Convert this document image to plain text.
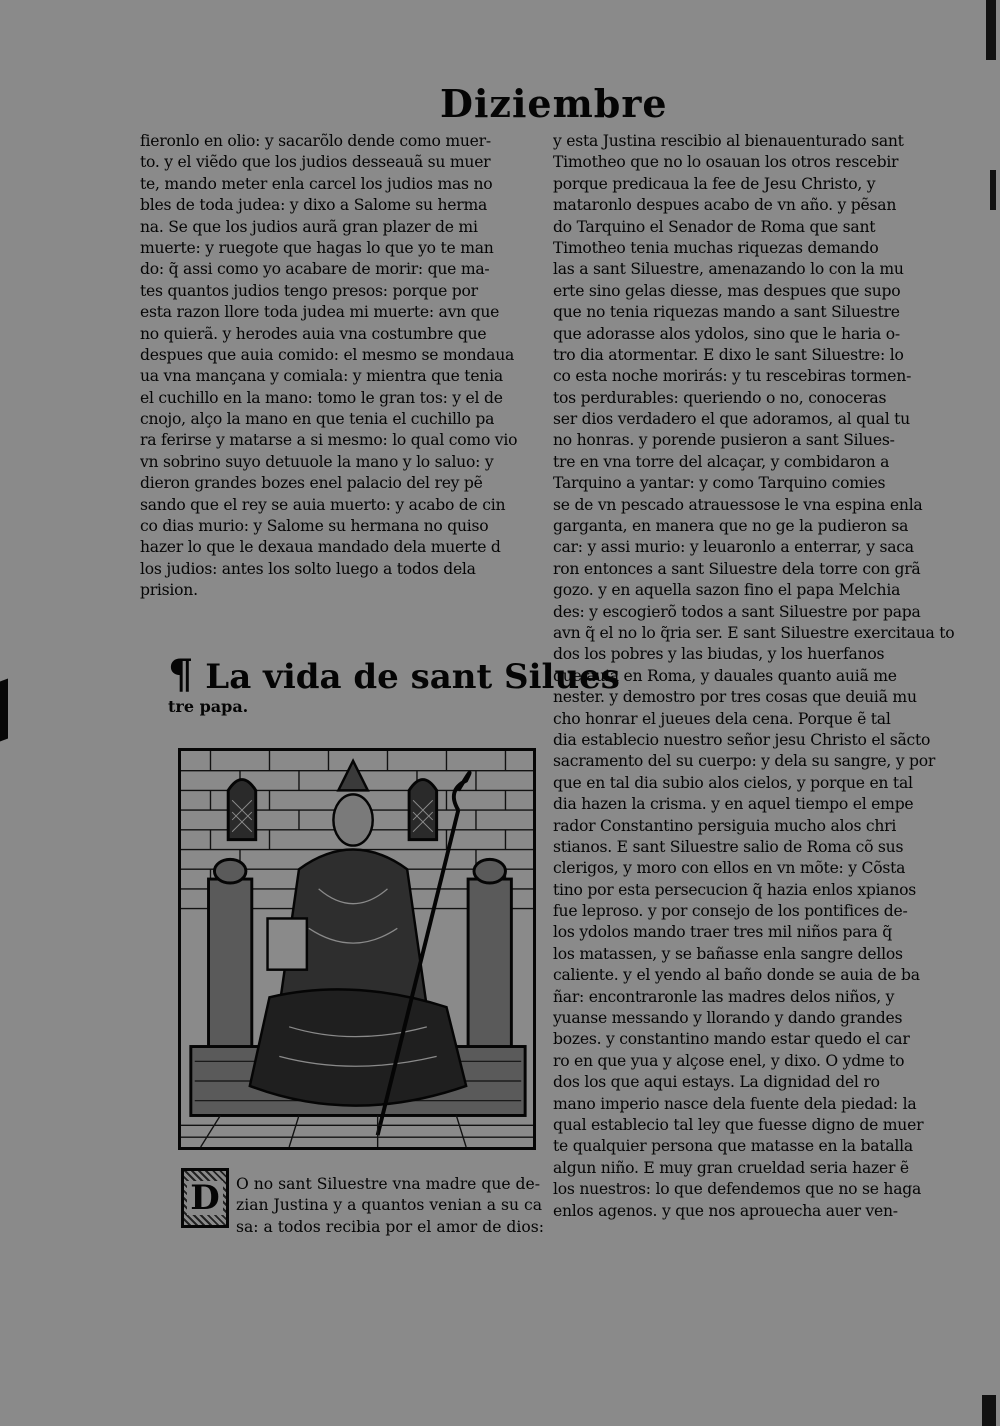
Diziembre
fieronlo en olio: y sacarõlo dende como muer-
to. y el viẽdo que los judios desseauã su muer
te, mando meter enla carcel los judios mas no
bles de toda judea: y dixo a Salome su herma
na. Se que los judios aurã gran plazer de mi
muerte: y ruegote que hagas lo que yo te man
do: q̃ assi como yo acabare de morir: que ma-
tes quantos judios tengo presos: porque por
esta razon llore toda judea mi muerte: avn que
no quierã. y herodes auia vna costumbre que
despues que auia comido: el mesmo se mondaua
ua vna mançana y comiala: y mientra que tenia
el cuchillo en la mano: tomo le gran tos: y el de
cnojo, alço la mano en que tenia el cuchillo pa
ra ferirse y matarse a si mesmo: lo qual como vio
vn sobrino suyo detuuole la mano y lo saluo: y
dieron grandes bozes enel palacio del rey pẽ
sando que el rey se auia muerto: y acabo de cin
co dias murio: y Salome su hermana no quiso
hazer lo que le dexaua mandado dela muerte d
los judios: antes los solto luego a todos dela
prision.
y esta Justina rescibio al bienauenturado sant
Timotheo que no lo osauan los otros rescebir
porque predicaua la fee de Jesu Christo, y
mataronlo despues acabo de vn año. y pẽsan
do Tarquino el Senador de Roma que sant
Timotheo tenia muchas riquezas demando
las a sant Siluestre, amenazando lo con la mu
erte sino gelas diesse, mas despues que supo
que no tenia riquezas mando a sant Siluestre
que adorasse alos ydolos, sino que le haria o-
tro dia atormentar. E dixo le sant Siluestre: lo
co esta noche morirás: y tu rescebiras tormen-
tos perdurables: queriendo o no, conoceras
ser dios verdadero el que adoramos, al qual tu
no honras. y porende pusieron a sant Silues-
tre en vna torre del alcaçar, y combidaron a
Tarquino a yantar: y como Tarquino comies
se de vn pescado atrauessose le vna espina enla
garganta, en manera que no ge la pudieron sa
car: y assi murio: y leuaronlo a enterrar, y saca
ron entonces a sant Siluestre dela torre con grã
gozo. y en aquella sazon fino el papa Melchia
des: y escogierõ todos a sant Siluestre por papa
avn q̃ el no lo q̃ria ser. E sant Siluestre exercitaua to
dos los pobres y las biudas, y los huerfanos
que auia en Roma, y dauales quanto auiã me
nester. y demostro por tres cosas que deuiã mu
cho honrar el jueues dela cena. Porque ẽ tal
dia establecio nuestro señor jesu Christo el sãcto
sacramento del su cuerpo: y dela su sangre, y por
que en tal dia subio alos cielos, y porque en tal
dia hazen la crisma. y en aquel tiempo el empe
rador Constantino persiguia mucho alos chri
stianos. E sant Siluestre salio de Roma cõ sus
clerigos, y moro con ellos en vn mõte: y Cõsta
tino por esta persecucion q̃ hazia enlos xpianos
fue leproso. y por consejo de los pontifices de-
los ydolos mando traer tres mil niños para q̃
los matassen, y se bañasse enla sangre dellos
caliente. y el yendo al baño donde se auia de ba
ñar: encontraronle las madres delos niños, y
yuanse messando y llorando y dando grandes
bozes. y constantino mando estar quedo el car
ro en que yua y alçose enel, y dixo. O ydme to
dos los que aqui estays. La dignidad del ro
mano imperio nasce dela fuente dela piedad: la
qual establecio tal ley que fuesse digno de muer
te qualquier persona que matasse en la batalla
algun niño. E muy gran crueldad seria hazer ẽ
los nuestros: lo que defendemos que no se haga
enlos agenos. y que nos aprouecha auer ven-
¶ La vida de sant Silues
tre papa.
D O no sant Siluestre vna madre que de-
zian Justina y a quantos venian a su ca
sa: a todos recibia por el amor de dios:
